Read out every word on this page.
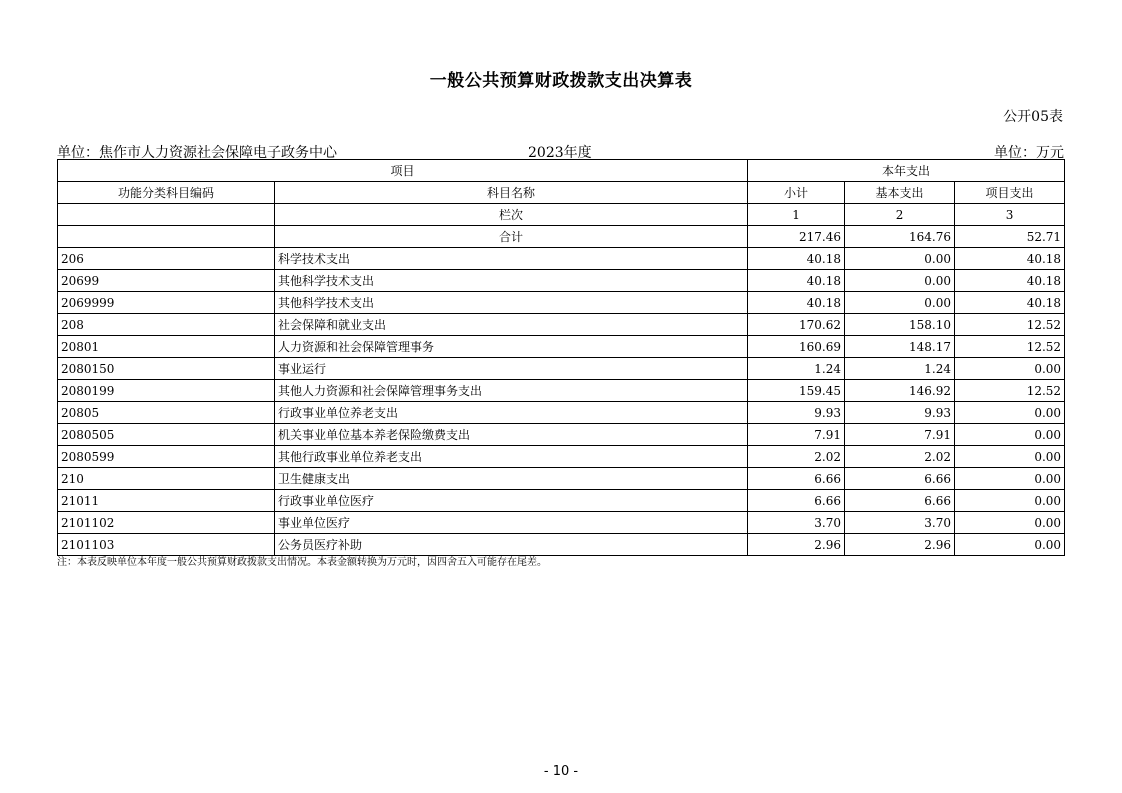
一般公共预算财政拨款支出决算表
公开05表
单位：焦作市人力资源社会保障电子政务中心	2023年度	单位：万元
项目		本年支出		
功能分类科目编码	科目名称	小计	基本支出	项目支出
	栏次	1	2	3
	合计	217.46	164.76	52.71
206	科学技术支出	40.18	0.00	40.18
20699	其他科学技术支出	40.18	0.00	40.18
2069999	其他科学技术支出	40.18	0.00	40.18
208	社会保障和就业支出	170.62	158.10	12.52
20801	人力资源和社会保障管理事务	160.69	148.17	12.52
2080150	事业运行	1.24	1.24	0.00
2080199	其他人力资源和社会保障管理事务支出	159.45	146.92	12.52
20805	行政事业单位养老支出	9.93	9.93	0.00
2080505	机关事业单位基本养老保险缴费支出	7.91	7.91	0.00
2080599	其他行政事业单位养老支出	2.02	2.02	0.00
210	卫生健康支出	6.66	6.66	0.00
21011	行政事业单位医疗	6.66	6.66	0.00
2101102	事业单位医疗	3.70	3.70	0.00
2101103	公务员医疗补助	2.96	2.96	0.00
注：本表反映单位本年度一般公共预算财政拨款支出情况。本表金额转换为万元时，因四舍五入可能存在尾差。
- 10 -
